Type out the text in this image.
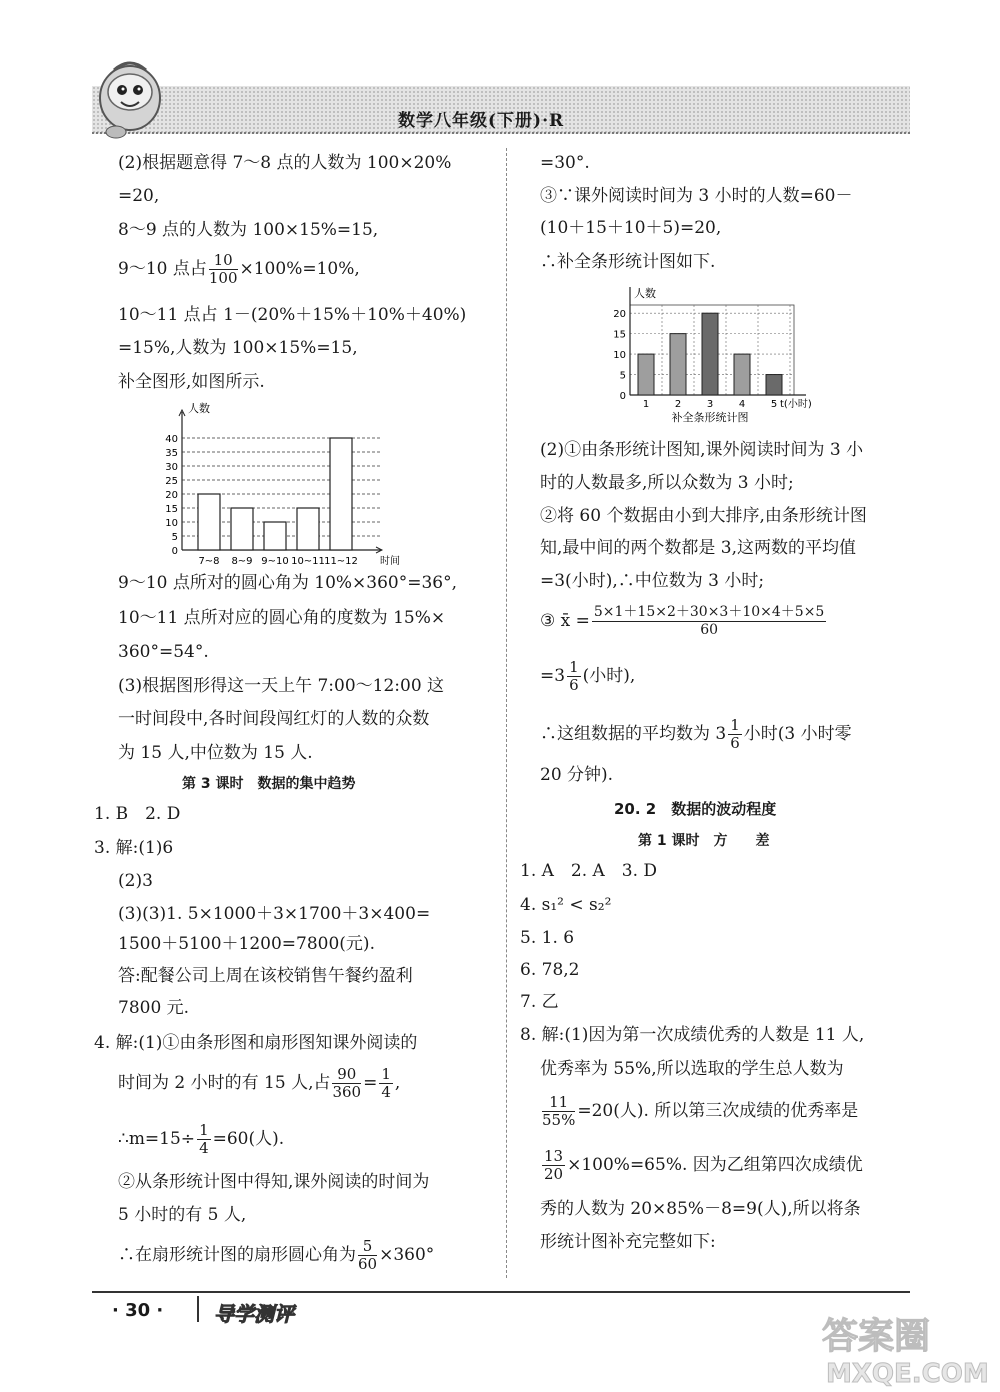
数学八年级(下册)·R
(2)根据题意得 7～8 点的人数为 100×20%
=20,
8～9 点的人数为 100×15%=15,
9～10 点占 $\frac{10}{100} \times 100\%=10\%$,
10～11 点占 1－(20%＋15%＋10%＋40%)
=15%,人数为 100×15%=15,
补全图形,如图所示.
人数
时间
0
5
10
15
20
25
30
35
40
7~8 8~9 9~10 10~11 11~12
9～10 点所对的圆心角为 10%×360°=36°,
10～11 点所对应的圆心角的度数为 15%×
360°=54°.
(3)根据图形得这一天上午 7:00～12:00 这
一时间段中,各时间段闯红灯的人数的众数
为 15 人,中位数为 15 人.
第 3 课时　数据的集中趋势
1. B　2. D
3. 解:(1)6
(2)3
(3)(3)1. 5×1000＋3×1700＋3×400=
1500＋5100＋1200=7800(元).
答:配餐公司上周在该校销售午餐约盈利
7800 元.
4. 解:(1)①由条形图和扇形图知课外阅读的
时间为 2 小时的有 15 人,占 $\frac{90}{360} = \frac{1}{4}$ ,
∴m=15÷ $\frac{1}{4} =60$(人).
②从条形统计图中得知,课外阅读的时间为
5 小时的有 5 人,
∴在扇形统计图的扇形圆心角为 $\frac{5}{60} \times 360^\circ$
=30°.
③∵课外阅读时间为 3 小时的人数=60－
(10＋15＋10＋5)=20,
∴补全条形统计图如下.
0
5
10
15
20
人数
t(小时)
1	2	3	4	5
补全条形统计图
(2)①由条形统计图知,课外阅读时间为 3 小
时的人数最多,所以众数为 3 小时;
②将 60 个数据由小到大排序,由条形统计图
知,最中间的两个数都是 3,这两数的平均值
=3(小时),∴中位数为 3 小时;
③ x̄ = $\frac{5\times 1+15\times 2+30\times 3+10\times 4+5\times 5}{60}$
$=3 \frac{1}{6}$ (小时),
∴这组数据的平均数为 $3 \frac{1}{6}$ 小时(3 小时零
20 分钟).
20. 2　数据的波动程度
第 1 课时　方　　差
1. A　2. A　3. D
4. s₁² < s₂²
5. 1. 6
6. 78,2
7. 乙
8. 解:(1)因为第一次成绩优秀的人数是 11 人,
优秀率为 55%,所以选取的学生总人数为
$\frac{11}{55\%} =20$(人). 所以第三次成绩的优秀率是
$\frac{13}{20} \times 100\%=65\%$. 因为乙组第四次成绩优
秀的人数为 20×85%－8=9(人),所以将条
形统计图补充完整如下:
· 30 ·	导学测评
答案圈
MXQE.COM
